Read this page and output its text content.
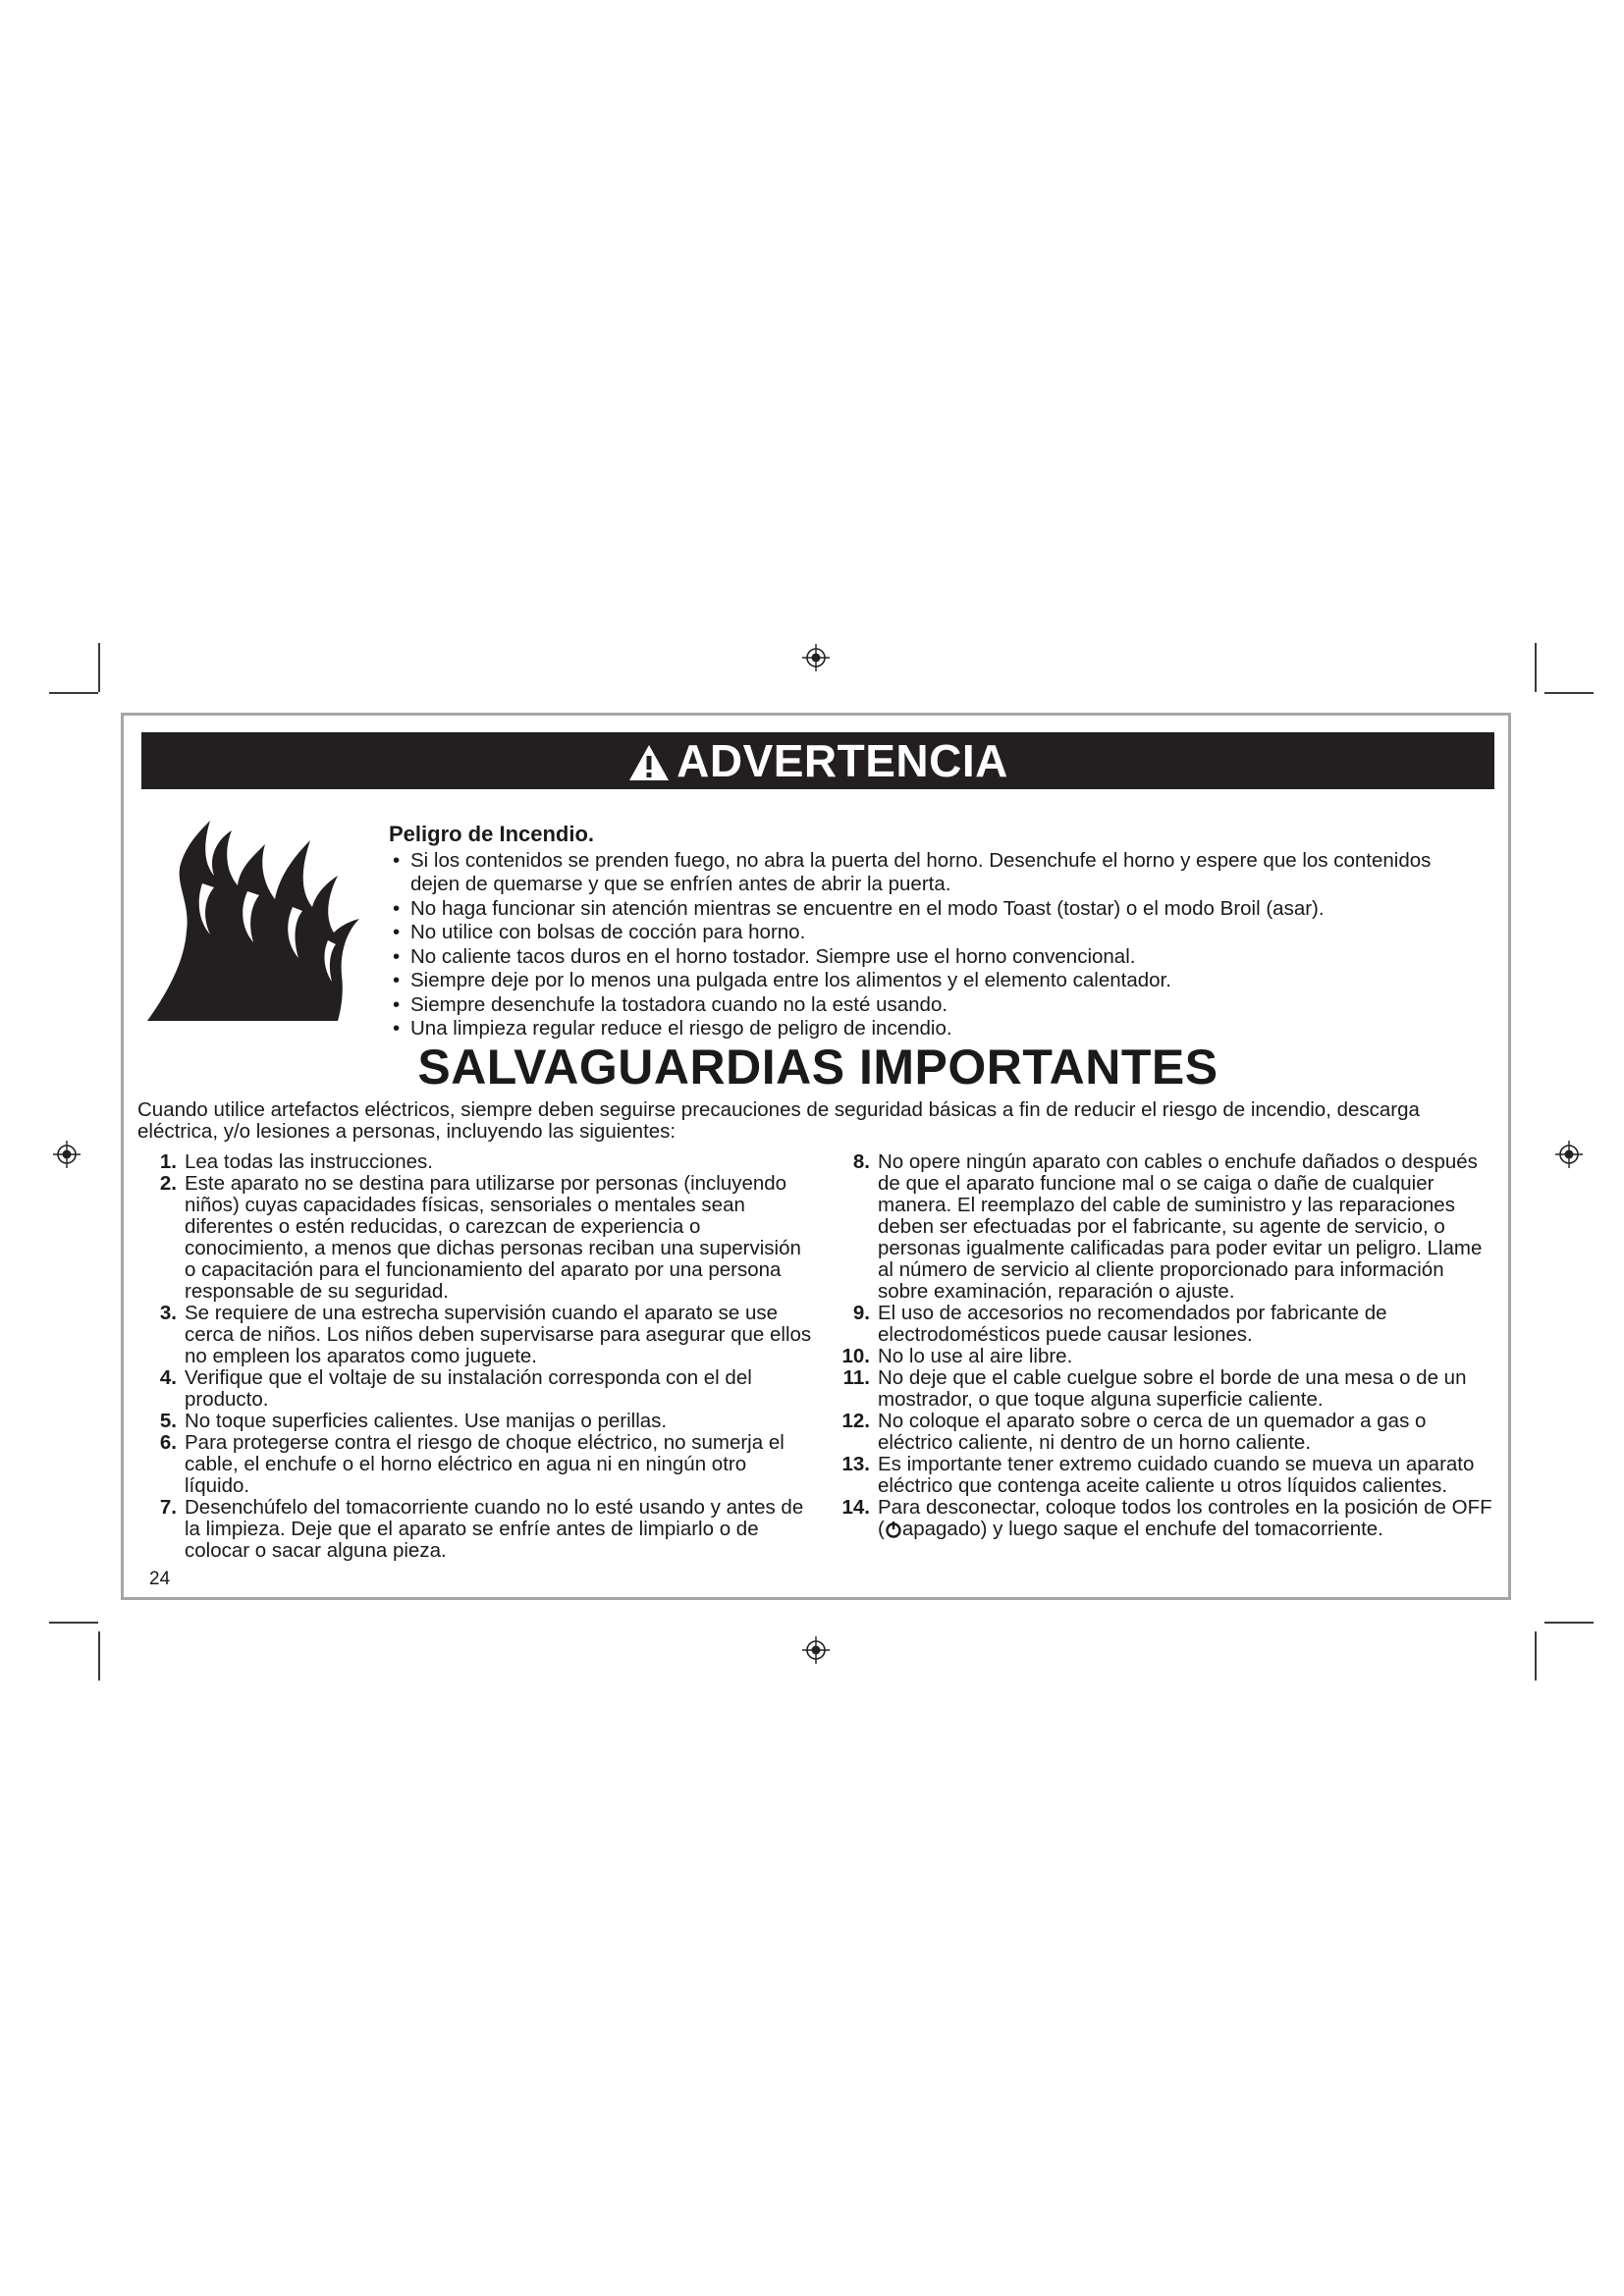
ADVERTENCIA
Peligro de Incendio.
• Si los contenidos se prenden fuego, no abra la puerta del horno. Desenchufe el horno y espere que los contenidos dejen de quemarse y que se enfríen antes de abrir la puerta.
• No haga funcionar sin atención mientras se encuentre en el modo Toast (tostar) o el modo Broil (asar).
• No utilice con bolsas de cocción para horno.
• No caliente tacos duros en el horno tostador. Siempre use el horno convencional.
• Siempre deje por lo menos una pulgada entre los alimentos y el elemento calentador.
• Siempre desenchufe la tostadora cuando no la esté usando.
• Una limpieza regular reduce el riesgo de peligro de incendio.
SALVAGUARDIAS IMPORTANTES
Cuando utilice artefactos eléctricos, siempre deben seguirse precauciones de seguridad básicas a fin de reducir el riesgo de incendio, descarga eléctrica, y/o lesiones a personas, incluyendo las siguientes:
1. Lea todas las instrucciones.
2. Este aparato no se destina para utilizarse por personas (incluyendo niños) cuyas capacidades físicas, sensoriales o mentales sean diferentes o estén reducidas, o carezcan de experiencia o conocimiento, a menos que dichas personas reciban una supervisión o capacitación para el funcionamiento del aparato por una persona responsable de su seguridad.
3. Se requiere de una estrecha supervisión cuando el aparato se use cerca de niños. Los niños deben supervisarse para asegurar que ellos no empleen los aparatos como juguete.
4. Verifique que el voltaje de su instalación corresponda con el del producto.
5. No toque superficies calientes. Use manijas o perillas.
6. Para protegerse contra el riesgo de choque eléctrico, no sumerja el cable, el enchufe o el horno eléctrico en agua ni en ningún otro líquido.
7. Desenchúfelo del tomacorriente cuando no lo esté usando y antes de la limpieza. Deje que el aparato se enfríe antes de limpiarlo o de colocar o sacar alguna pieza.
8. No opere ningún aparato con cables o enchufe dañados o después de que el aparato funcione mal o se caiga o dañe de cualquier manera. El reemplazo del cable de suministro y las reparaciones deben ser efectuadas por el fabricante, su agente de servicio, o personas igualmente calificadas para poder evitar un peligro. Llame al número de servicio al cliente proporcionado para información sobre examinación, reparación o ajuste.
9. El uso de accesorios no recomendados por fabricante de electrodomésticos puede causar lesiones.
10. No lo use al aire libre.
11. No deje que el cable cuelgue sobre el borde de una mesa o de un mostrador, o que toque alguna superficie caliente.
12. No coloque el aparato sobre o cerca de un quemador a gas o eléctrico caliente, ni dentro de un horno caliente.
13. Es importante tener extremo cuidado cuando se mueva un aparato eléctrico que contenga aceite caliente u otros líquidos calientes.
14. Para desconectar, coloque todos los controles en la posición de OFF ( apagado) y luego saque el enchufe del tomacorriente.
24
